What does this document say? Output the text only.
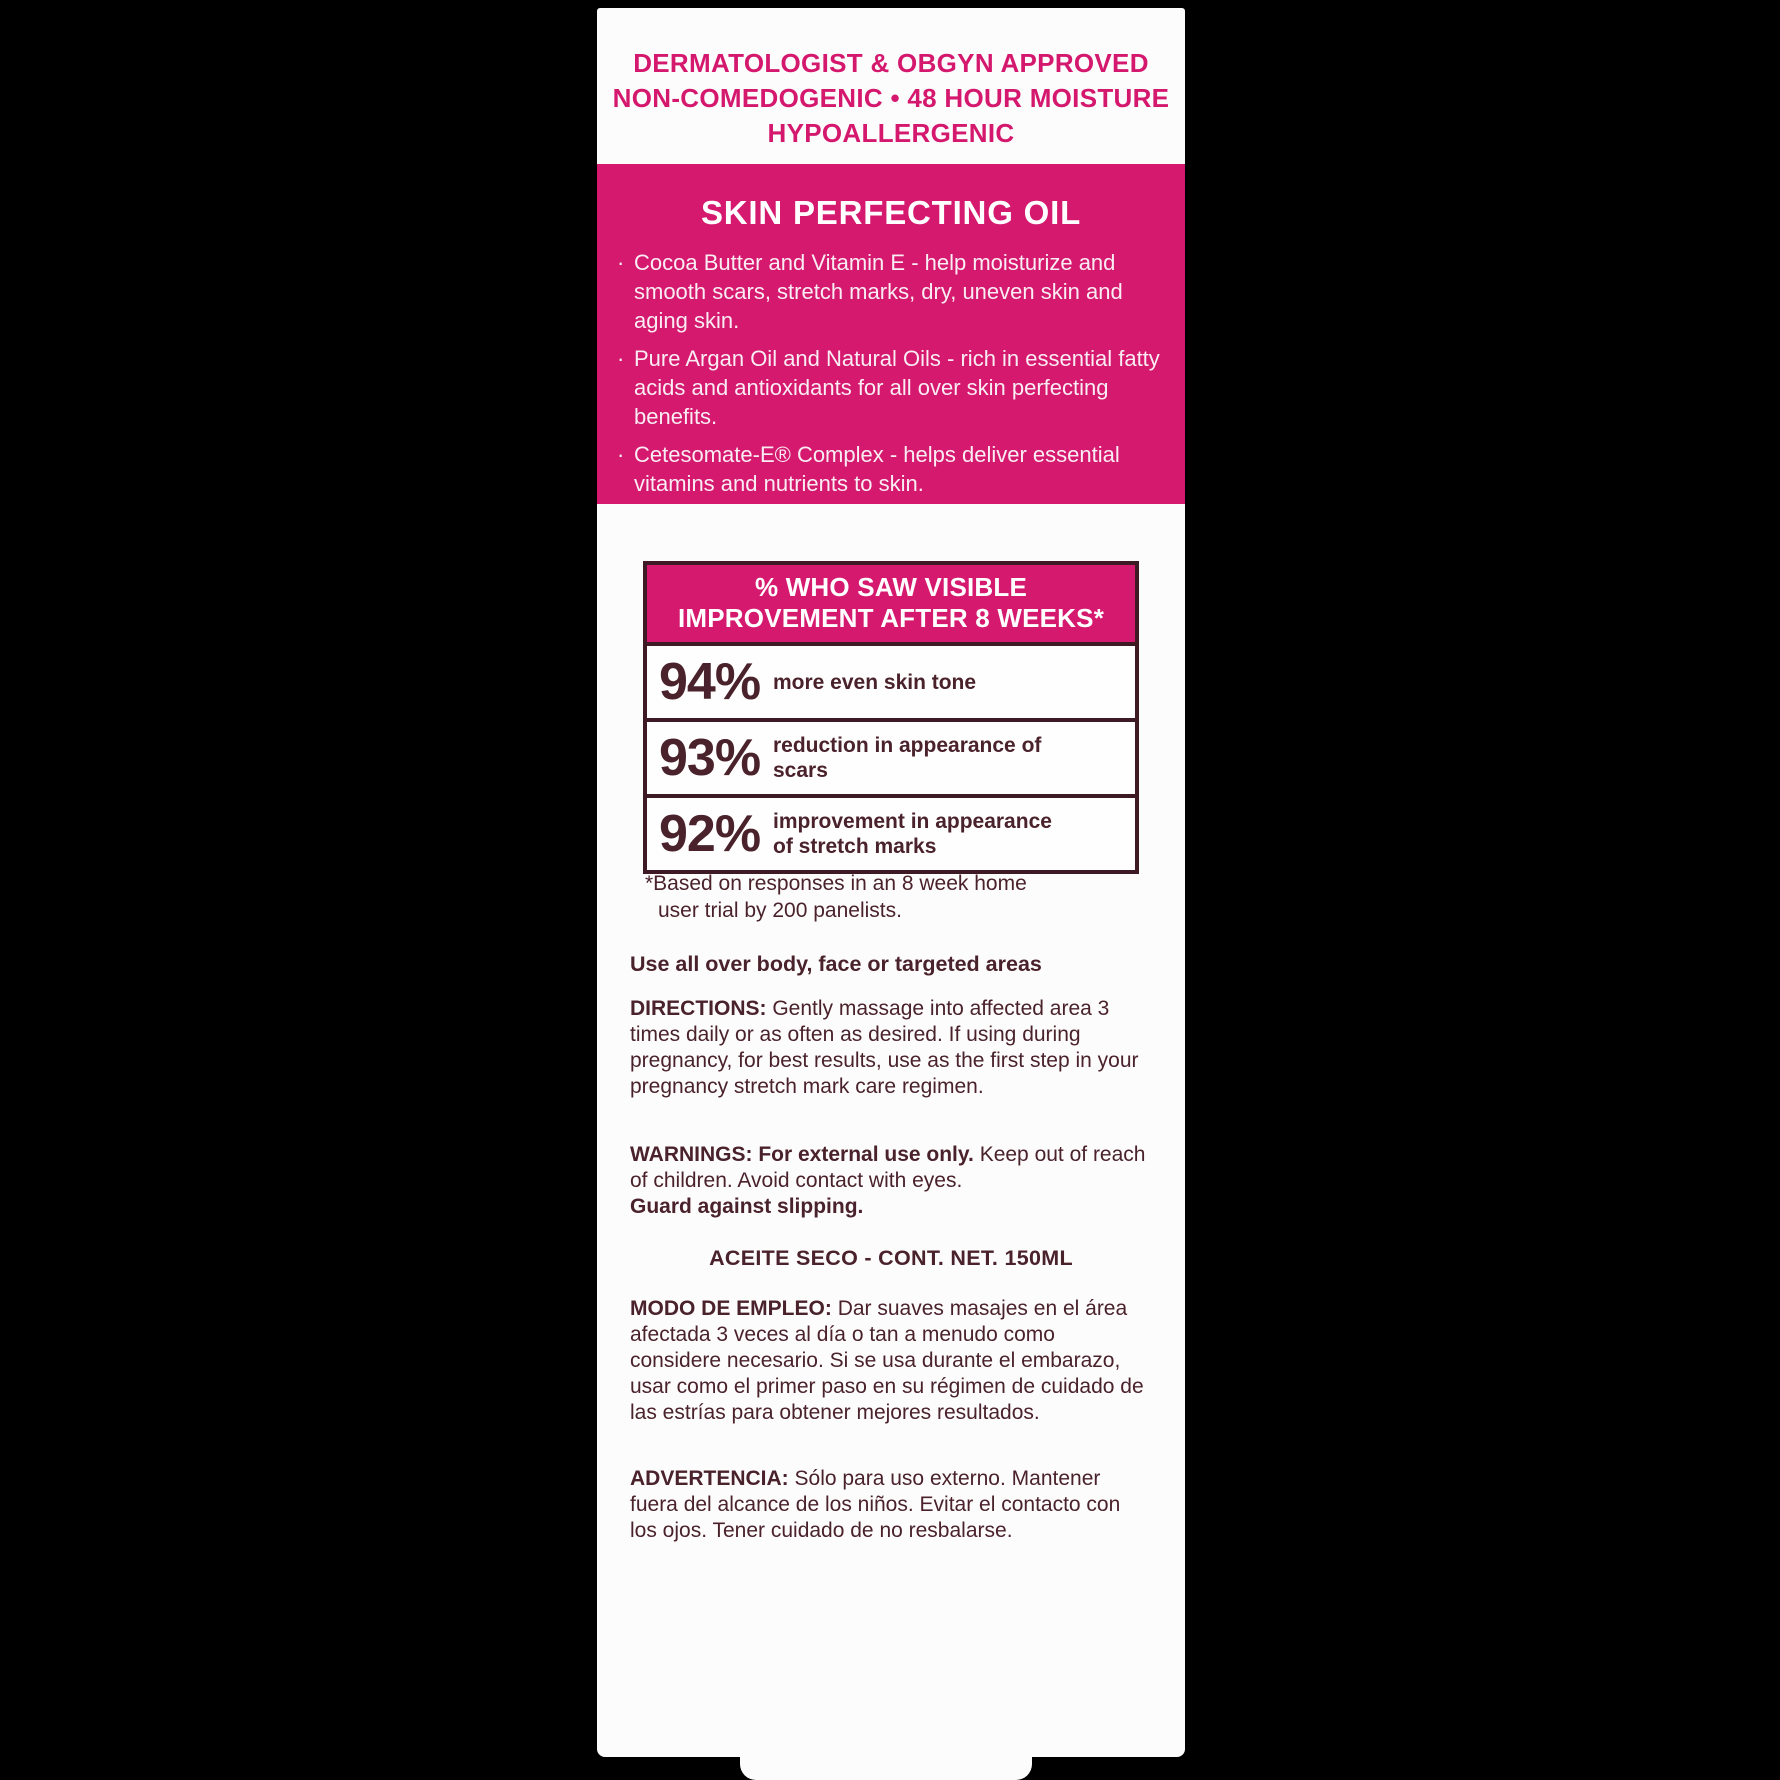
DERMATOLOGIST & OBGYN APPROVED
NON-COMEDOGENIC • 48 HOUR MOISTURE
HYPOALLERGENIC
SKIN PERFECTING OIL
· Cocoa Butter and Vitamin E - help moisturize and smooth scars, stretch marks, dry, uneven skin and aging skin.
· Pure Argan Oil and Natural Oils - rich in essential fatty acids and antioxidants for all over skin perfecting benefits.
· Cetesomate-E® Complex - helps deliver essential vitamins and nutrients to skin.
% WHO SAW VISIBLE
IMPROVEMENT AFTER 8 WEEKS*
94% more even skin tone
93% reduction in appearance of scars
92% improvement in appearance of stretch marks
*Based on responses in an 8 week home
user trial by 200 panelists.
Use all over body, face or targeted areas
DIRECTIONS: Gently massage into affected area 3 times daily or as often as desired. If using during pregnancy, for best results, use as the first step in your pregnancy stretch mark care regimen.
WARNINGS: For external use only. Keep out of reach of children. Avoid contact with eyes.
Guard against slipping.
ACEITE SECO - CONT. NET. 150ML
MODO DE EMPLEO: Dar suaves masajes en el área afectada 3 veces al día o tan a menudo como considere necesario. Si se usa durante el embarazo, usar como el primer paso en su régimen de cuidado de las estrías para obtener mejores resultados.
ADVERTENCIA: Sólo para uso externo. Mantener fuera del alcance de los niños. Evitar el contacto con los ojos. Tener cuidado de no resbalarse.
